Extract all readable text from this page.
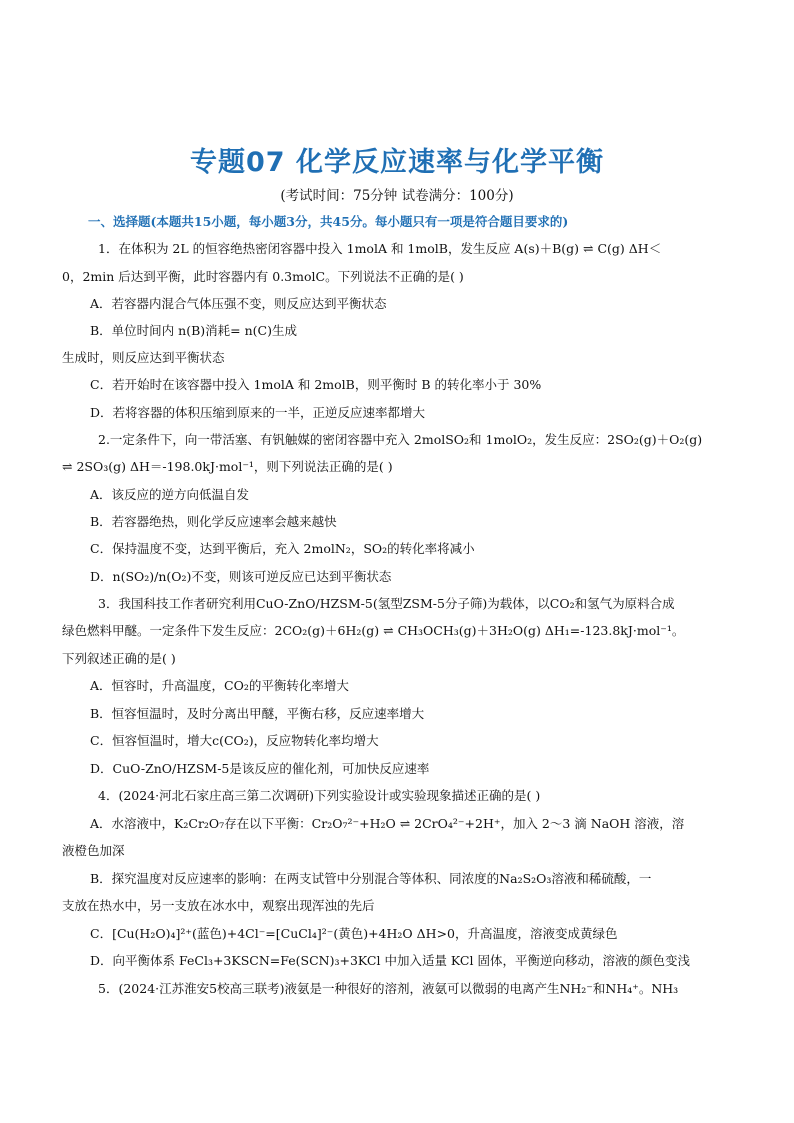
专题07 化学反应速率与化学平衡
(考试时间：75分钟 试卷满分：100分)
一、选择题(本题共15小题，每小题3分，共45分。每小题只有一项是符合题目要求的)
1．在体积为 2L 的恒容绝热密闭容器中投入 1molA 和 1molB，发生反应 A(s)＋B(g) ⇌ C(g) ΔH＜
0，2min 后达到平衡，此时容器内有 0.3molC。下列说法不正确的是( )
A．若容器内混合气体压强不变，则反应达到平衡状态
B．单位时间内 n(B)消耗= n(C)生成
生成时，则反应达到平衡状态
C．若开始时在该容器中投入 1molA 和 2molB，则平衡时 B 的转化率小于 30%
D．若将容器的体积压缩到原来的一半，正逆反应速率都增大
2.一定条件下，向一带活塞、有钒触媒的密闭容器中充入 2molSO₂和 1molO₂，发生反应：2SO₂(g)＋O₂(g)
⇌ 2SO₃(g) ΔH＝-198.0kJ·mol⁻¹，则下列说法正确的是( )
A．该反应的逆方向低温自发
B．若容器绝热，则化学反应速率会越来越快
C．保持温度不变，达到平衡后，充入 2molN₂，SO₂的转化率将减小
D．n(SO₂)/n(O₂)不变，则该可逆反应已达到平衡状态
3．我国科技工作者研究利用CuO-ZnO/HZSM-5(氢型ZSM-5分子筛)为载体，以CO₂和氢气为原料合成
绿色燃料甲醚。一定条件下发生反应：2CO₂(g)＋6H₂(g) ⇌ CH₃OCH₃(g)＋3H₂O(g) ΔH₁=-123.8kJ·mol⁻¹。
下列叙述正确的是( )
A．恒容时，升高温度，CO₂的平衡转化率增大
B．恒容恒温时，及时分离出甲醚，平衡右移，反应速率增大
C．恒容恒温时，增大c(CO₂)，反应物转化率均增大
D．CuO-ZnO/HZSM-5是该反应的催化剂，可加快反应速率
4．(2024·河北石家庄高三第二次调研)下列实验设计或实验现象描述正确的是( )
A．水溶液中，K₂Cr₂O₇存在以下平衡：Cr₂O₇²⁻+H₂O ⇌ 2CrO₄²⁻+2H⁺，加入 2～3 滴 NaOH 溶液，溶
液橙色加深
B．探究温度对反应速率的影响：在两支试管中分别混合等体积、同浓度的Na₂S₂O₃溶液和稀硫酸，一
支放在热水中，另一支放在冰水中，观察出现浑浊的先后
C．[Cu(H₂O)₄]²⁺(蓝色)+4Cl⁻=[CuCl₄]²⁻(黄色)+4H₂O ΔH>0，升高温度，溶液变成黄绿色
D．向平衡体系 FeCl₃+3KSCN=Fe(SCN)₃+3KCl 中加入适量 KCl 固体，平衡逆向移动，溶液的颜色变浅
5．(2024·江苏淮安5校高三联考)液氨是一种很好的溶剂，液氨可以微弱的电离产生NH₂⁻和NH₄⁺。NH₃
